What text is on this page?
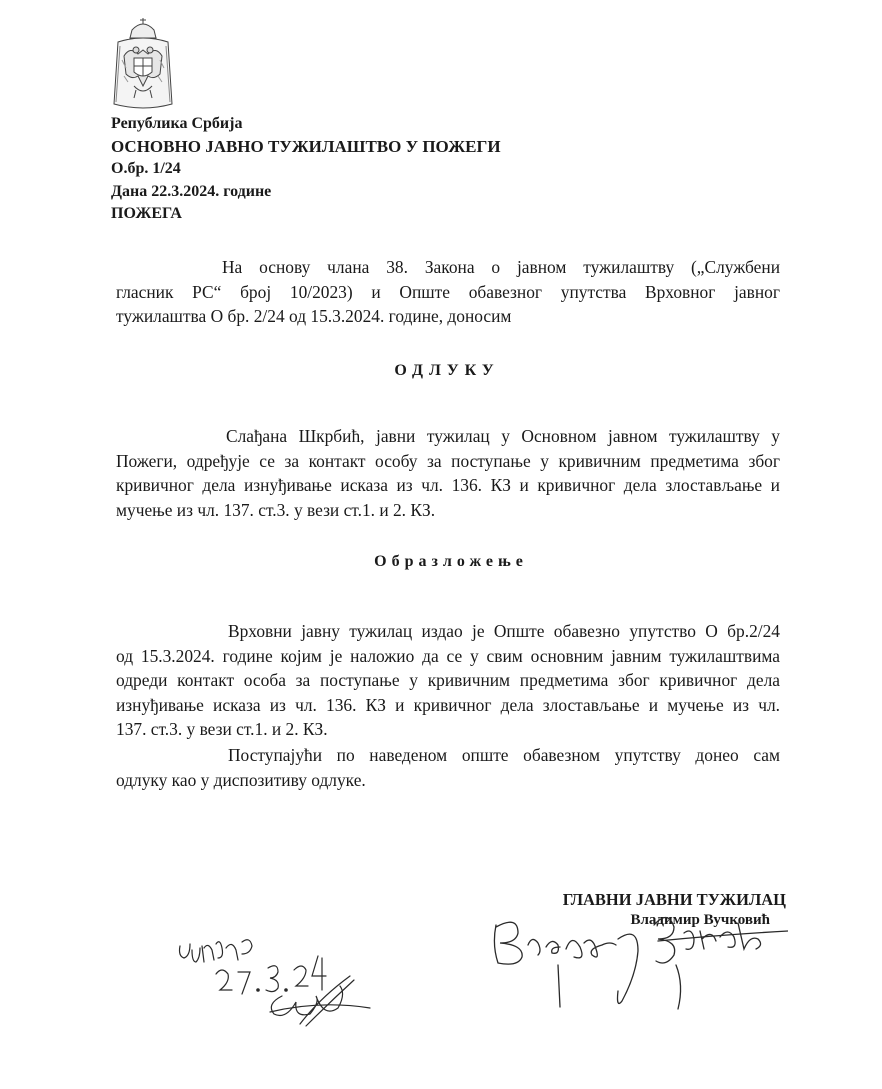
Република Србија
ОСНОВНО ЈАВНО ТУЖИЛАШТВО У ПОЖЕГИ
О.бр. 1/24
Дана 22.3.2024. године
ПОЖЕГА
На основу члана 38. Закона о јавном тужилаштву („Службени
гласник РС“ број 10/2023) и Опште обавезног упутства Врховног јавног
тужилаштва О бр. 2/24 од 15.3.2024. године, доносим
ОДЛУКУ
Слађана Шкрбић, јавни тужилац у Основном јавном тужилаштву у
Пожеги, одређује се за контакт особу за поступање у кривичним предметима због
кривичног дела изнуђивање исказа из чл. 136. КЗ и кривичног дела злостављање и
мучење из чл. 137. ст.3. у вези ст.1. и 2. КЗ.
Образложење
Врховни јавну тужилац издао је Опште обавезно упутство О бр.2/24
од 15.3.2024. године којим је наложио да се у свим основним јавним тужилаштвима
одреди контакт особа за поступање у кривичним предметима због кривичног дела
изнуђивање исказа из чл. 136. КЗ и кривичног дела злостављање и мучење из чл.
137. ст.3. у вези ст.1. и 2. КЗ.
Поступајући по наведеном опште обавезном упутству донео сам
одлуку као у диспозитиву одлуке.
ГЛАВНИ ЈАВНИ ТУЖИЛАЦ
Владимир Вучковић
